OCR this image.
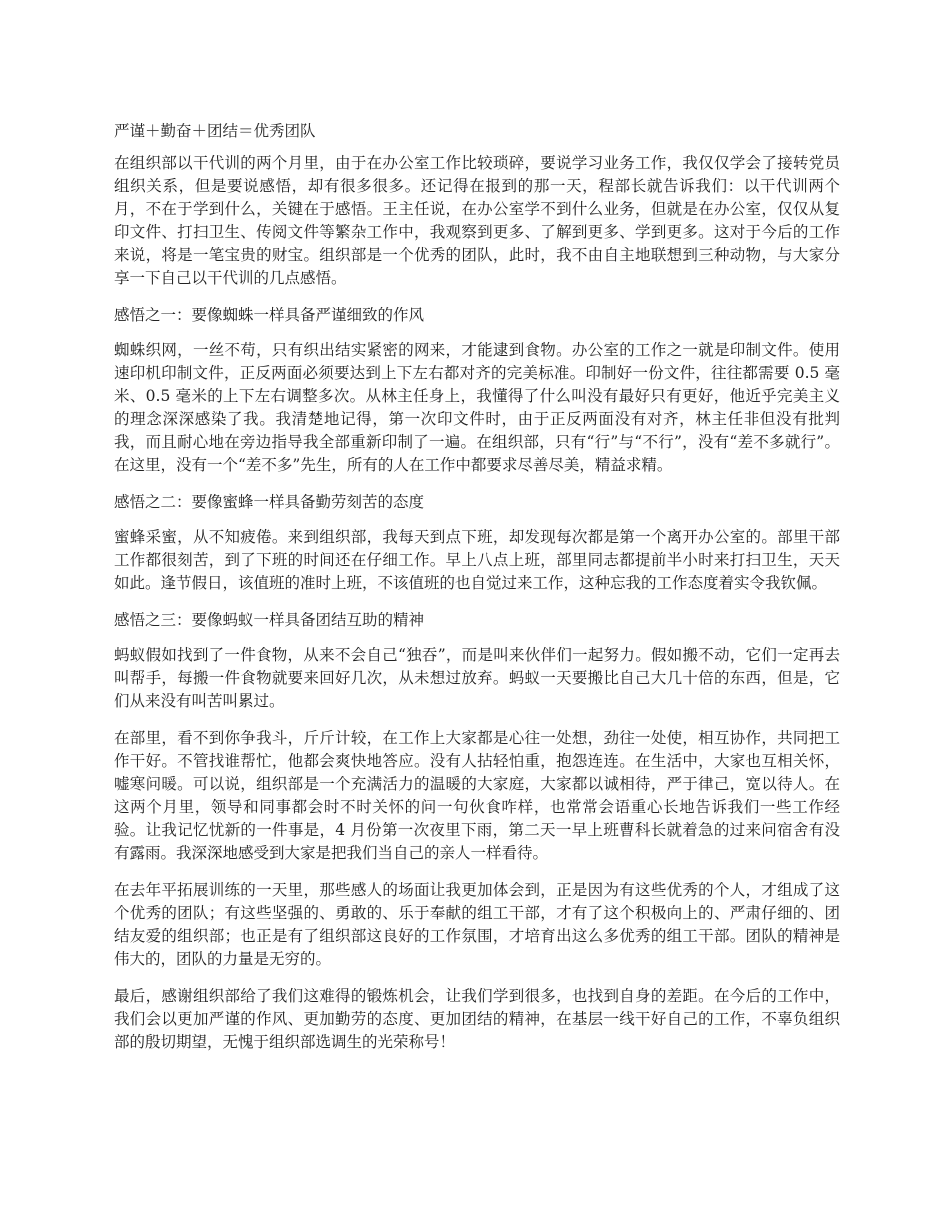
严谨＋勤奋＋团结＝优秀团队

在组织部以干代训的两个月里，由于在办公室工作比较琐碎，要说学习业务工作，我仅仅学会了接转党员组织关系，但是要说感悟，却有很多很多。还记得在报到的那一天，程部长就告诉我们：以干代训两个月，不在于学到什么，关键在于感悟。王主任说，在办公室学不到什么业务，但就是在办公室，仅仅从复印文件、打扫卫生、传阅文件等繁杂工作中，我观察到更多、了解到更多、学到更多。这对于今后的工作来说，将是一笔宝贵的财宝。组织部是一个优秀的团队，此时，我不由自主地联想到三种动物，与大家分享一下自己以干代训的几点感悟。

感悟之一：要像蜘蛛一样具备严谨细致的作风

蜘蛛织网，一丝不苟，只有织出结实紧密的网来，才能逮到食物。办公室的工作之一就是印制文件。使用速印机印制文件，正反两面必须要达到上下左右都对齐的完美标准。印制好一份文件，往往都需要 0.5 毫米、0.5 毫米的上下左右调整多次。从林主任身上，我懂得了什么叫没有最好只有更好，他近乎完美主义的理念深深感染了我。我清楚地记得，第一次印文件时，由于正反两面没有对齐，林主任非但没有批判我，而且耐心地在旁边指导我全部重新印制了一遍。在组织部，只有“行”与“不行”，没有“差不多就行”。在这里，没有一个“差不多”先生，所有的人在工作中都要求尽善尽美，精益求精。

感悟之二：要像蜜蜂一样具备勤劳刻苦的态度

蜜蜂采蜜，从不知疲倦。来到组织部，我每天到点下班，却发现每次都是第一个离开办公室的。部里干部工作都很刻苦，到了下班的时间还在仔细工作。早上八点上班，部里同志都提前半小时来打扫卫生，天天如此。逢节假日，该值班的准时上班，不该值班的也自觉过来工作，这种忘我的工作态度着实令我钦佩。

感悟之三：要像蚂蚁一样具备团结互助的精神

蚂蚁假如找到了一件食物，从来不会自己“独吞”，而是叫来伙伴们一起努力。假如搬不动，它们一定再去叫帮手，每搬一件食物就要来回好几次，从未想过放弃。蚂蚁一天要搬比自己大几十倍的东西，但是，它们从来没有叫苦叫累过。

在部里，看不到你争我斗，斤斤计较，在工作上大家都是心往一处想，劲往一处使，相互协作，共同把工作干好。不管找谁帮忙，他都会爽快地答应。没有人拈轻怕重，抱怨连连。在生活中，大家也互相关怀，嘘寒问暖。可以说，组织部是一个充满活力的温暖的大家庭，大家都以诚相待，严于律己，宽以待人。在这两个月里，领导和同事都会时不时关怀的问一句伙食咋样，也常常会语重心长地告诉我们一些工作经验。让我记忆忧新的一件事是，4 月份第一次夜里下雨，第二天一早上班曹科长就着急的过来问宿舍有没有露雨。我深深地感受到大家是把我们当自己的亲人一样看待。

在去年平拓展训练的一天里，那些感人的场面让我更加体会到，正是因为有这些优秀的个人，才组成了这个优秀的团队；有这些坚强的、勇敢的、乐于奉献的组工干部，才有了这个积极向上的、严肃仔细的、团结友爱的组织部；也正是有了组织部这良好的工作氛围，才培育出这么多优秀的组工干部。团队的精神是伟大的，团队的力量是无穷的。

最后，感谢组织部给了我们这难得的锻炼机会，让我们学到很多，也找到自身的差距。在今后的工作中，我们会以更加严谨的作风、更加勤劳的态度、更加团结的精神，在基层一线干好自己的工作，不辜负组织部的殷切期望，无愧于组织部选调生的光荣称号！
